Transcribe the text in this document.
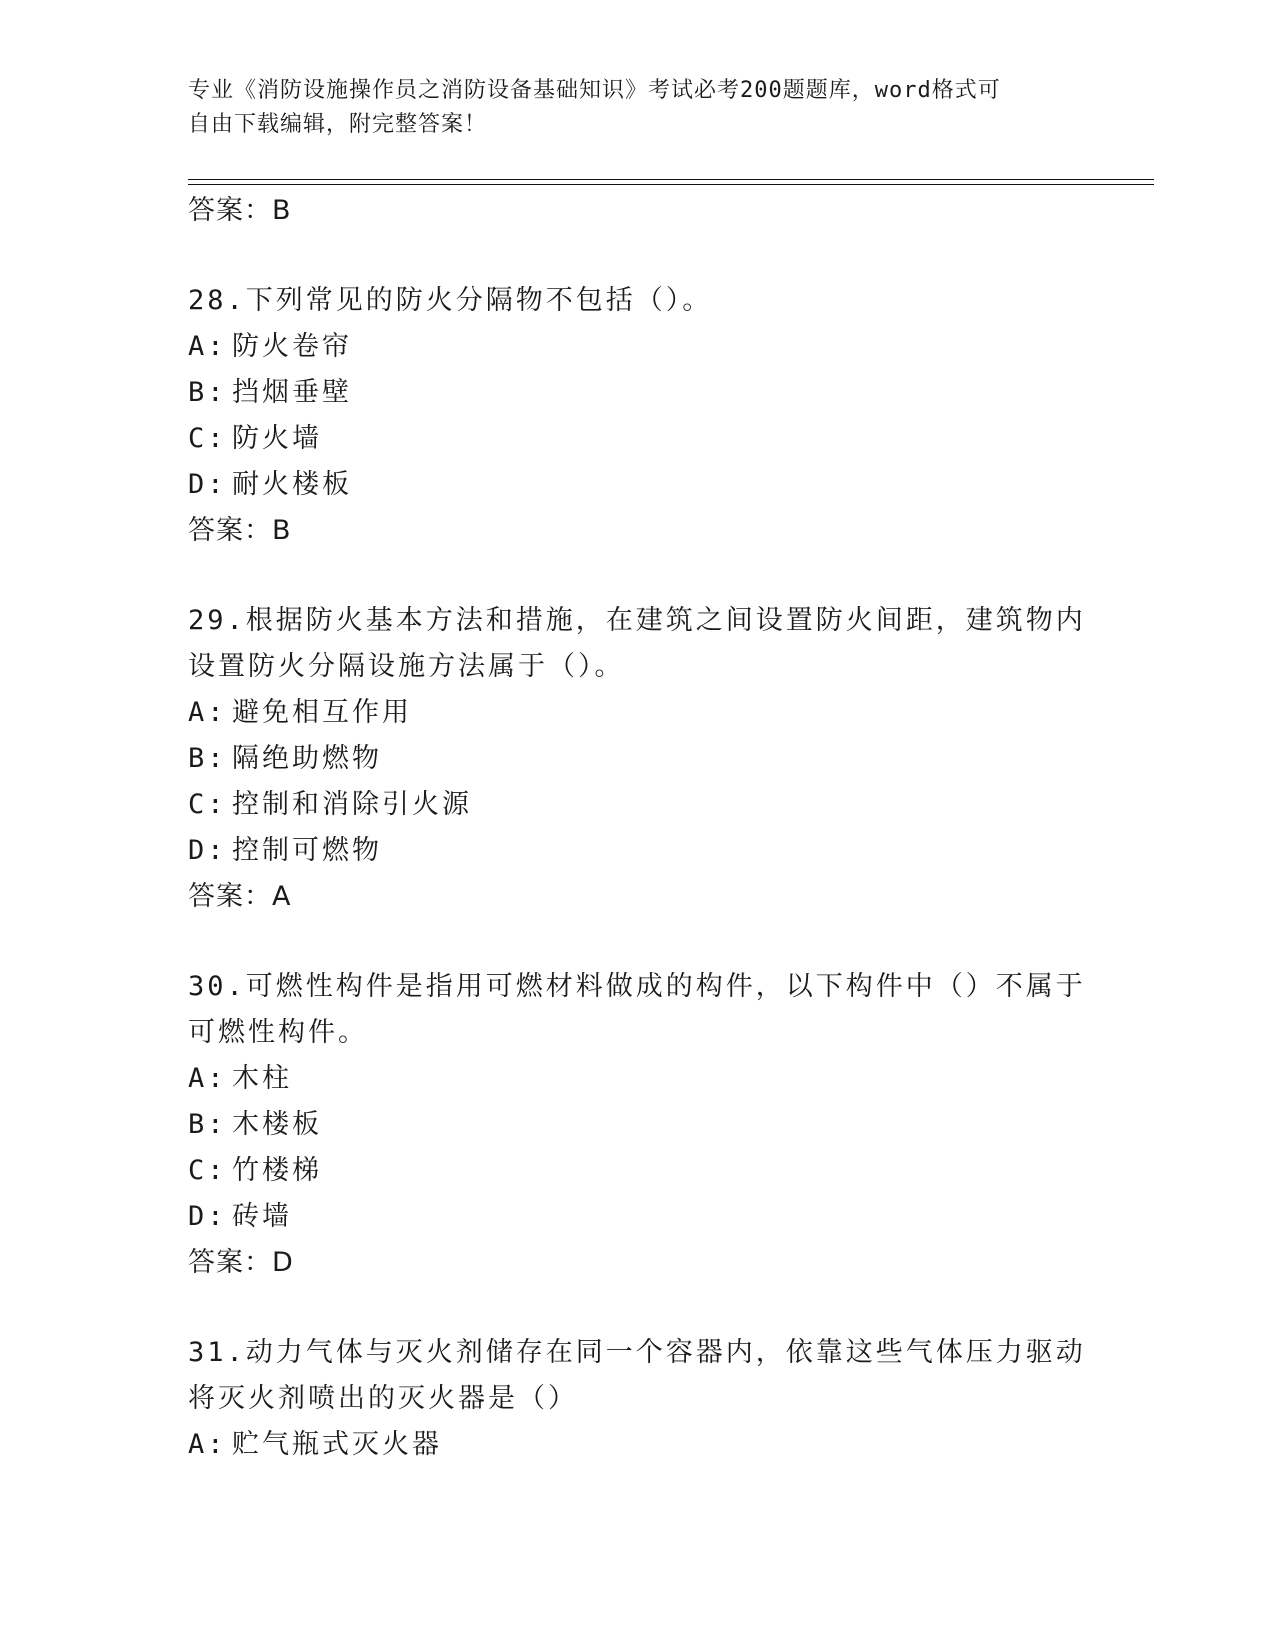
专业《消防设施操作员之消防设备基础知识》考试必考200题题库，word格式可
自由下载编辑，附完整答案！
答案：B
28.下列常见的防火分隔物不包括（）。
A: 防火卷帘
B: 挡烟垂壁
C: 防火墙
D: 耐火楼板
答案：B
29.根据防火基本方法和措施，在建筑之间设置防火间距，建筑物内设置防火分隔设施方法属于（）。
A: 避免相互作用
B: 隔绝助燃物
C: 控制和消除引火源
D: 控制可燃物
答案：A
30.可燃性构件是指用可燃材料做成的构件，以下构件中（）不属于可燃性构件。
A: 木柱
B: 木楼板
C: 竹楼梯
D: 砖墙
答案：D
31.动力气体与灭火剂储存在同一个容器内，依靠这些气体压力驱动将灭火剂喷出的灭火器是（）
A: 贮气瓶式灭火器
